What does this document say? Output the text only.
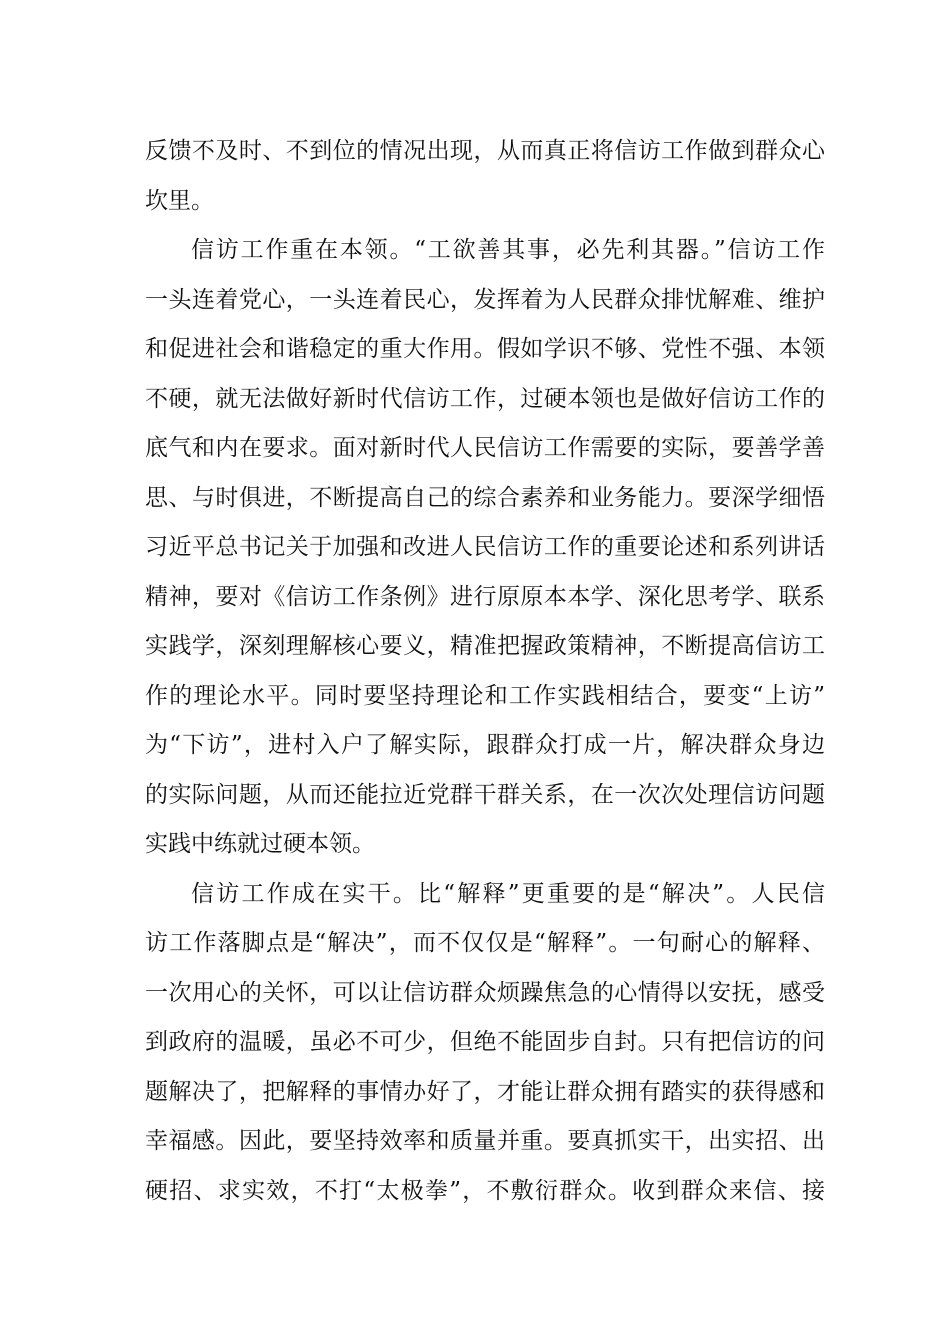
反馈不及时、不到位的情况出现，从而真正将信访工作做到群众心
坎里。
信访工作重在本领。“工欲善其事，必先利其器。”信访工作
一头连着党心，一头连着民心，发挥着为人民群众排忧解难、维护
和促进社会和谐稳定的重大作用。假如学识不够、党性不强、本领
不硬，就无法做好新时代信访工作，过硬本领也是做好信访工作的
底气和内在要求。面对新时代人民信访工作需要的实际，要善学善
思、与时俱进，不断提高自己的综合素养和业务能力。要深学细悟
习近平总书记关于加强和改进人民信访工作的重要论述和系列讲话
精神，要对《信访工作条例》进行原原本本学、深化思考学、联系
实践学，深刻理解核心要义，精准把握政策精神，不断提高信访工
作的理论水平。同时要坚持理论和工作实践相结合，要变“上访”
为“下访”，进村入户了解实际，跟群众打成一片，解决群众身边
的实际问题，从而还能拉近党群干群关系，在一次次处理信访问题
实践中练就过硬本领。
信访工作成在实干。比“解释”更重要的是“解决”。人民信
访工作落脚点是“解决”，而不仅仅是“解释”。一句耐心的解释、
一次用心的关怀，可以让信访群众烦躁焦急的心情得以安抚，感受
到政府的温暖，虽必不可少，但绝不能固步自封。只有把信访的问
题解决了，把解释的事情办好了，才能让群众拥有踏实的获得感和
幸福感。因此，要坚持效率和质量并重。要真抓实干，出实招、出
硬招、求实效，不打“太极拳”，不敷衍群众。收到群众来信、接
